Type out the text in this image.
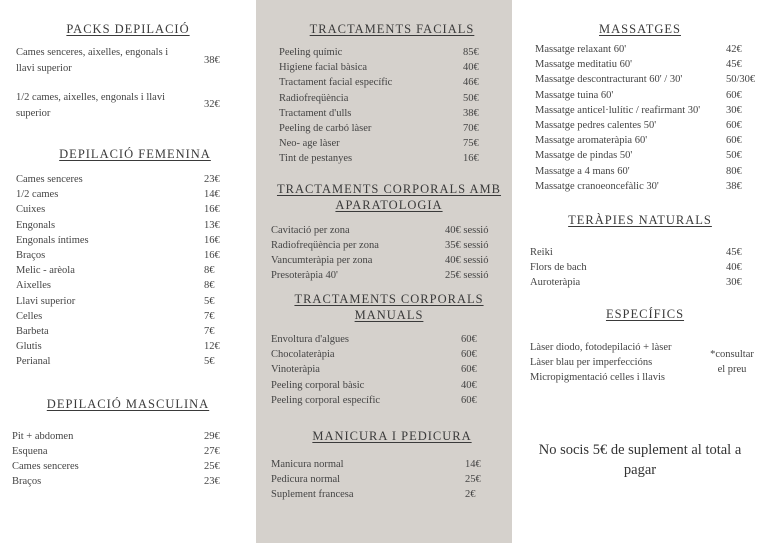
PACKS DEPILACIÓ
Cames senceres, aixelles, engonals i llavi superior
38€
1/2 cames, aixelles, engonals i llavi superior
32€
DEPILACIÓ FEMENINA
Cames senceres	23€
1/2 cames	14€
Cuixes	16€
Engonals	13€
Engonals íntimes	16€
Braços	16€
Melic - arèola	8€
Aixelles	8€
Llavi superior	5€
Celles	7€
Barbeta	7€
Glutis	12€
Perianal	5€
DEPILACIÓ MASCULINA
Pit + abdomen	29€
Esquena	27€
Cames senceres	25€
Braços	23€
TRACTAMENTS FACIALS
Peeling químic	85€
Higiene facial bàsica	40€
Tractament facial específic	46€
Radiofreqüència	50€
Tractament d'ulls	38€
Peeling de carbó làser	70€
Neo- age làser	75€
Tint de pestanyes	16€
TRACTAMENTS CORPORALS AMB
APARATOLOGIA
Cavitació per zona	40€ sessió
Radiofreqüència per zona	35€ sessió
Vancumteràpia per zona	40€ sessió
Presoteràpia 40'	25€ sessió
TRACTAMENTS CORPORALS
MANUALS
Envoltura d'algues	60€
Chocolateràpia	60€
Vinoteràpia	60€
Peeling corporal bàsic	40€
Peeling corporal específic	60€
MANICURA I PEDICURA
Manicura normal	14€
Pedicura normal	25€
Suplement francesa	2€
MASSATGES
Massatge relaxant 60'	42€
Massatge meditatiu 60'	45€
Massatge descontracturant 60' / 30'	50/30€
Massatge tuina 60'	60€
Massatge anticel·lulític / reafirmant 30' 30€
Massatge pedres calentes 50'	60€
Massatge aromateràpia 60'	60€
Massatge de pindas 50'	50€
Massatge a 4 mans 60'	80€
Massatge cranoeoncefàlic 30'	38€
TERÀPIES NATURALS
Reiki	45€
Flors de bach	40€
Auroteràpia	30€
ESPECÍFICS
Làser diodo, fotodepilació + làser
Làser blau per imperfeccións
Micropigmentació celles i llavis
*consultar
el preu
No socis 5€ de suplement al total a
pagar
